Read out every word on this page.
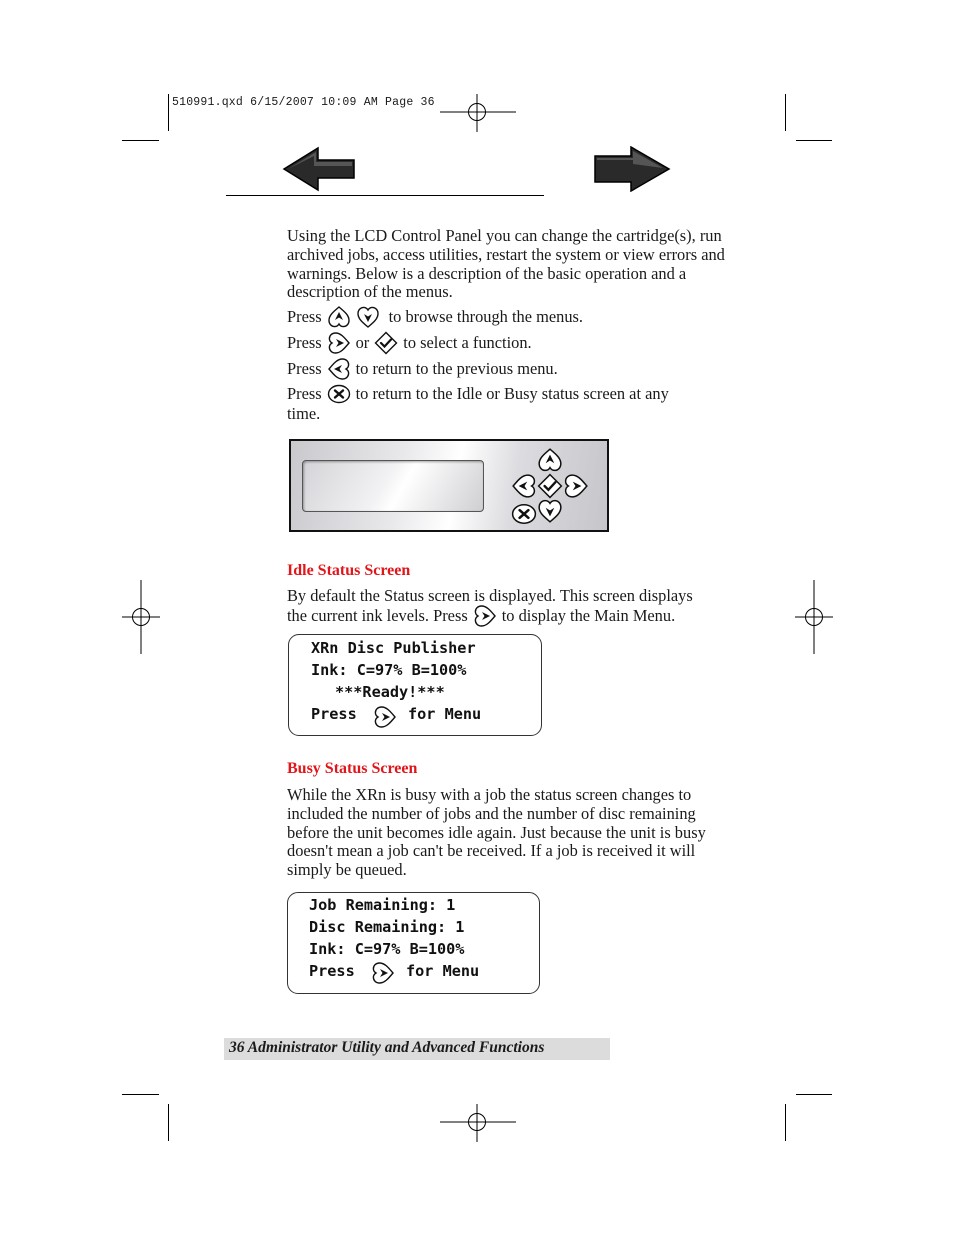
510991.qxd 6/15/2007 10:09 AM Page 36
Using the LCD Control Panel you can change the cartridge(s), run archived jobs, access utilities, restart the system or view errors and warnings. Below is a description of the basic operation and a description of the menus.
Press	to browse through the menus.
Press or to select a function.
Press to return to the previous menu.
Press to return to the Idle or Busy status screen at any
time.
Idle Status Screen
By default the Status screen is displayed. This screen displays
the current ink levels. Press to display the Main Menu.
XRn Disc Publisher
Ink: C=97% B=100%
***Ready!***
Press	for Menu
Busy Status Screen
While the XRn is busy with a job the status screen changes to included the number of jobs and the number of disc remaining before the unit becomes idle again. Just because the unit is busy doesn't mean a job can't be received. If a job is received it will simply be queued.
Job Remaining: 1
Disc Remaining: 1
Ink: C=97% B=100%
Press	for Menu
36 Administrator Utility and Advanced Functions
